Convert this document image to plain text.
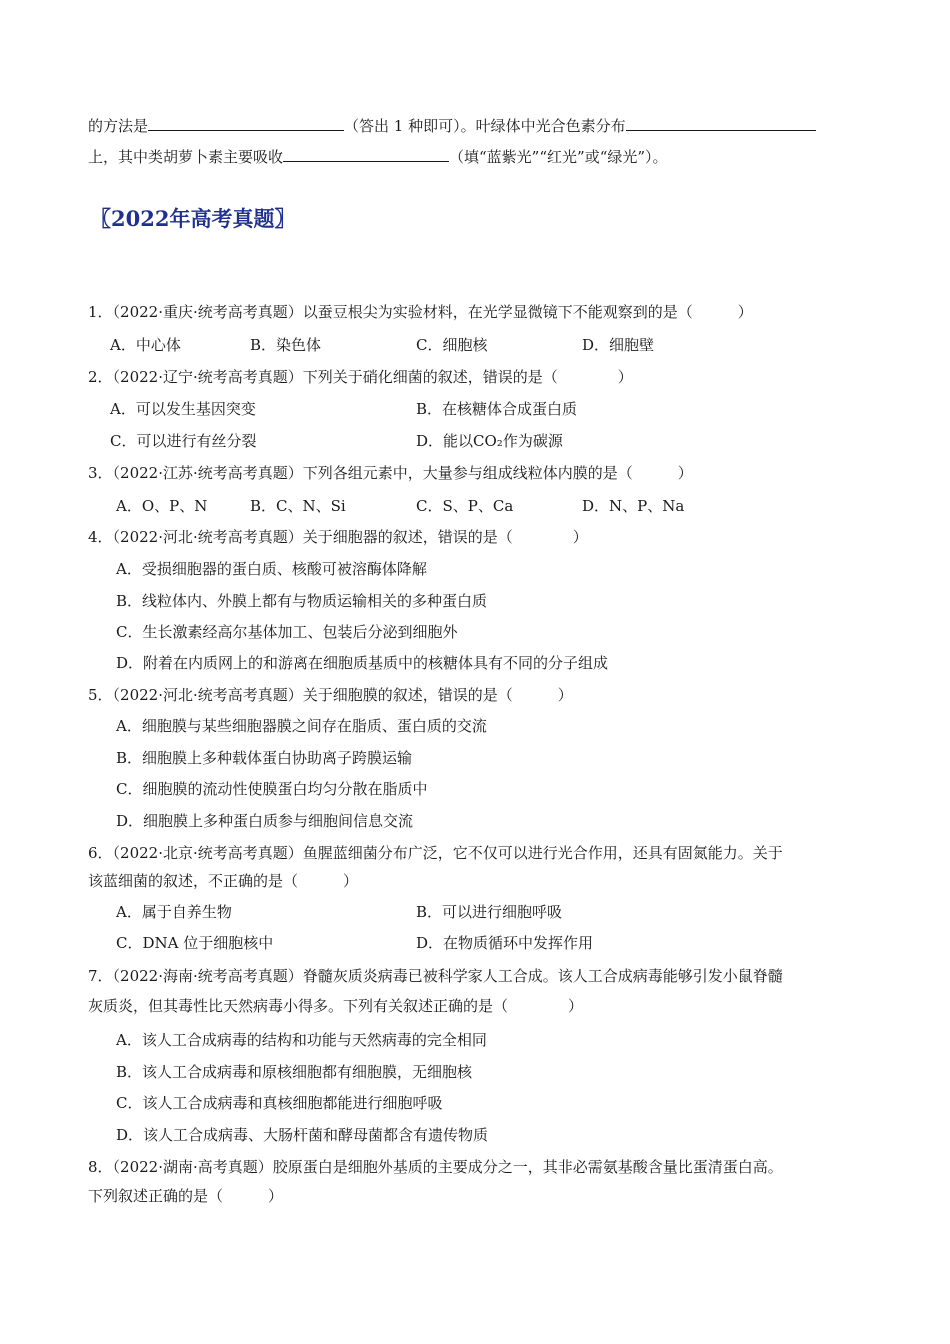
的方法是	（答出 1 种即可）。叶绿体中光合色素分布
上，其中类胡萝卜素主要吸收	（填“蓝紫光”“红光”或“绿光”）。
〖2022年高考真题〗
1．（2022·重庆·统考高考真题）以蚕豆根尖为实验材料，在光学显微镜下不能观察到的是（　　　）
A．中心体	B．染色体	C．细胞核	D．细胞壁
2．（2022·辽宁·统考高考真题）下列关于硝化细菌的叙述，错误的是（　　　　）
A．可以发生基因突变	B．在核糖体合成蛋白质
C．可以进行有丝分裂	D．能以CO₂作为碳源
3．（2022·江苏·统考高考真题）下列各组元素中，大量参与组成线粒体内膜的是（　　　）
A．O、P、N	B．C、N、Si	C．S、P、Ca	D．N、P、Na
4．（2022·河北·统考高考真题）关于细胞器的叙述，错误的是（　　　　）
A．受损细胞器的蛋白质、核酸可被溶酶体降解
B．线粒体内、外膜上都有与物质运输相关的多种蛋白质
C．生长激素经高尔基体加工、包装后分泌到细胞外
D．附着在内质网上的和游离在细胞质基质中的核糖体具有不同的分子组成
5．（2022·河北·统考高考真题）关于细胞膜的叙述，错误的是（　　　）
A．细胞膜与某些细胞器膜之间存在脂质、蛋白质的交流
B．细胞膜上多种载体蛋白协助离子跨膜运输
C．细胞膜的流动性使膜蛋白均匀分散在脂质中
D．细胞膜上多种蛋白质参与细胞间信息交流
6．（2022·北京·统考高考真题）鱼腥蓝细菌分布广泛，它不仅可以进行光合作用，还具有固氮能力。关于
该蓝细菌的叙述，不正确的是（　　　）
A．属于自养生物	B．可以进行细胞呼吸
C．DNA 位于细胞核中	D．在物质循环中发挥作用
7．（2022·海南·统考高考真题）脊髓灰质炎病毒已被科学家人工合成。该人工合成病毒能够引发小鼠脊髓
灰质炎，但其毒性比天然病毒小得多。下列有关叙述正确的是（　　　　）
A．该人工合成病毒的结构和功能与天然病毒的完全相同
B．该人工合成病毒和原核细胞都有细胞膜，无细胞核
C．该人工合成病毒和真核细胞都能进行细胞呼吸
D．该人工合成病毒、大肠杆菌和酵母菌都含有遗传物质
8．（2022·湖南·高考真题）胶原蛋白是细胞外基质的主要成分之一，其非必需氨基酸含量比蛋清蛋白高。
下列叙述正确的是（　　　）
